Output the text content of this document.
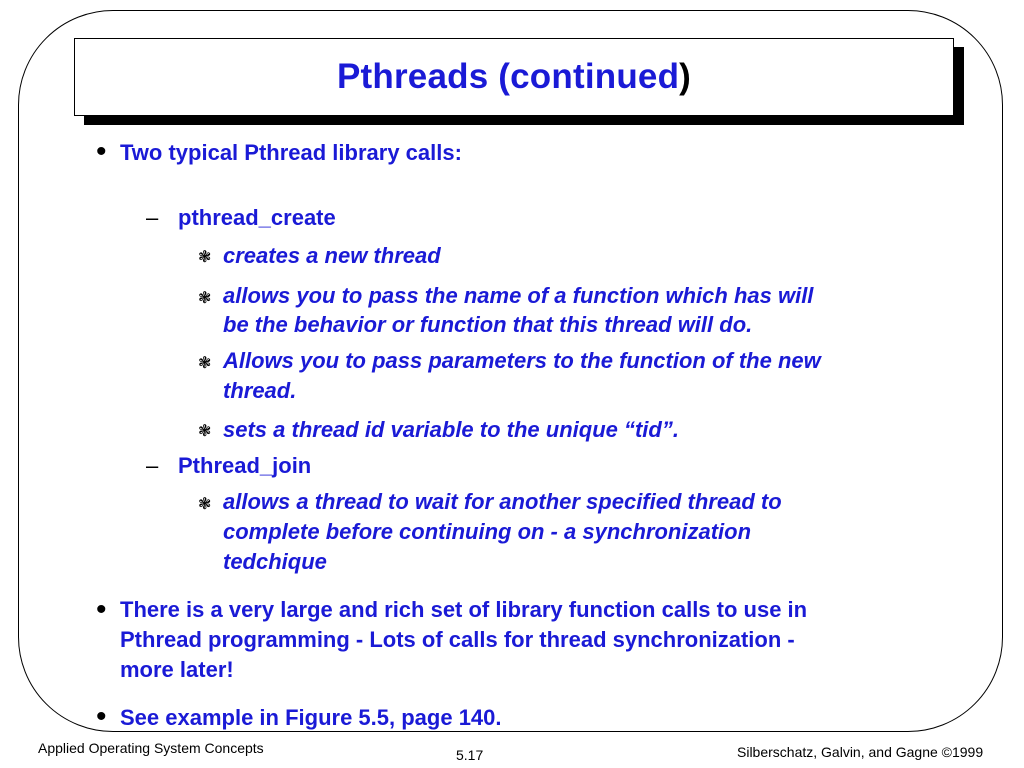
Pthreads (continued)
• Two typical Pthread library calls:
– pthread_create
❃ creates a new thread
❃ allows you to pass the name of a function which has will
be the behavior or function that this thread will do.
❃ Allows you to pass parameters to the function of the new
thread.
❃ sets a thread id variable to the unique “tid”.
– Pthread_join
❃ allows a thread to wait for another specified thread to
complete before continuing on - a synchronization
tedchique
• There is a very large and rich set of library function calls to use in
Pthread programming - Lots of calls for thread synchronization -
more later!
• See example in Figure 5.5, page 140.
Applied Operating System Concepts	5.17	Silberschatz, Galvin, and Gagne ©1999
